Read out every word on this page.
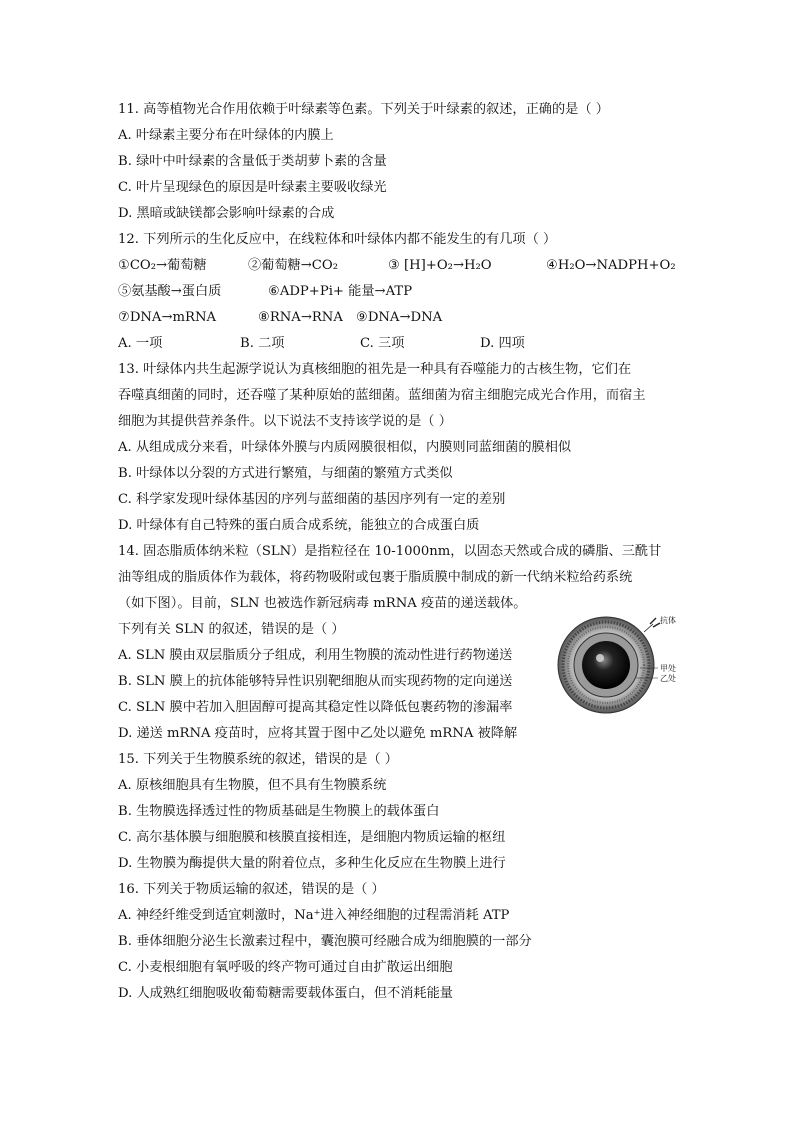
11. 高等植物光合作用依赖于叶绿素等色素。下列关于叶绿素的叙述，正确的是（ ）
A. 叶绿素主要分布在叶绿体的内膜上
B. 绿叶中叶绿素的含量低于类胡萝卜素的含量
C. 叶片呈现绿色的原因是叶绿素主要吸收绿光
D. 黑暗或缺镁都会影响叶绿素的合成
12. 下列所示的生化反应中，在线粒体和叶绿体内都不能发生的有几项（ ）
①CO₂→葡萄糖	②葡萄糖→CO₂	③ [H]+O₂→H₂O	④H₂O→NADPH+O₂
⑤氨基酸→蛋白质	⑥ADP+Pi+ 能量→ATP
⑦DNA→mRNA	⑧RNA→RNA ⑨DNA→DNA
A. 一项	B. 二项	C. 三项	D. 四项
13. 叶绿体内共生起源学说认为真核细胞的祖先是一种具有吞噬能力的古核生物，它们在
吞噬真细菌的同时，还吞噬了某种原始的蓝细菌。蓝细菌为宿主细胞完成光合作用，而宿主
细胞为其提供营养条件。以下说法不支持该学说的是（ ）
A. 从组成成分来看，叶绿体外膜与内质网膜很相似，内膜则同蓝细菌的膜相似
B. 叶绿体以分裂的方式进行繁殖，与细菌的繁殖方式类似
C. 科学家发现叶绿体基因的序列与蓝细菌的基因序列有一定的差别
D. 叶绿体有自己特殊的蛋白质合成系统，能独立的合成蛋白质
14. 固态脂质体纳米粒（SLN）是指粒径在 10-1000nm，以固态天然或合成的磷脂、三酰甘
油等组成的脂质体作为载体，将药物吸附或包裹于脂质膜中制成的新一代纳米粒给药系统
（如下图）。目前，SLN 也被选作新冠病毒 mRNA 疫苗的递送载体。
下列有关 SLN 的叙述，错误的是（ ）
A. SLN 膜由双层脂质分子组成，利用生物膜的流动性进行药物递送
B. SLN 膜上的抗体能够特异性识别靶细胞从而实现药物的定向递送
C. SLN 膜中若加入胆固醇可提高其稳定性以降低包裹药物的渗漏率
D. 递送 mRNA 疫苗时，应将其置于图中乙处以避免 mRNA 被降解
抗体
甲处
乙处
15. 下列关于生物膜系统的叙述，错误的是（ ）
A. 原核细胞具有生物膜，但不具有生物膜系统
B. 生物膜选择透过性的物质基础是生物膜上的载体蛋白
C. 高尔基体膜与细胞膜和核膜直接相连，是细胞内物质运输的枢纽
D. 生物膜为酶提供大量的附着位点，多种生化反应在生物膜上进行
16. 下列关于物质运输的叙述，错误的是（ ）
A. 神经纤维受到适宜刺激时，Na⁺进入神经细胞的过程需消耗 ATP
B. 垂体细胞分泌生长激素过程中，囊泡膜可经融合成为细胞膜的一部分
C. 小麦根细胞有氧呼吸的终产物可通过自由扩散运出细胞
D. 人成熟红细胞吸收葡萄糖需要载体蛋白，但不消耗能量
